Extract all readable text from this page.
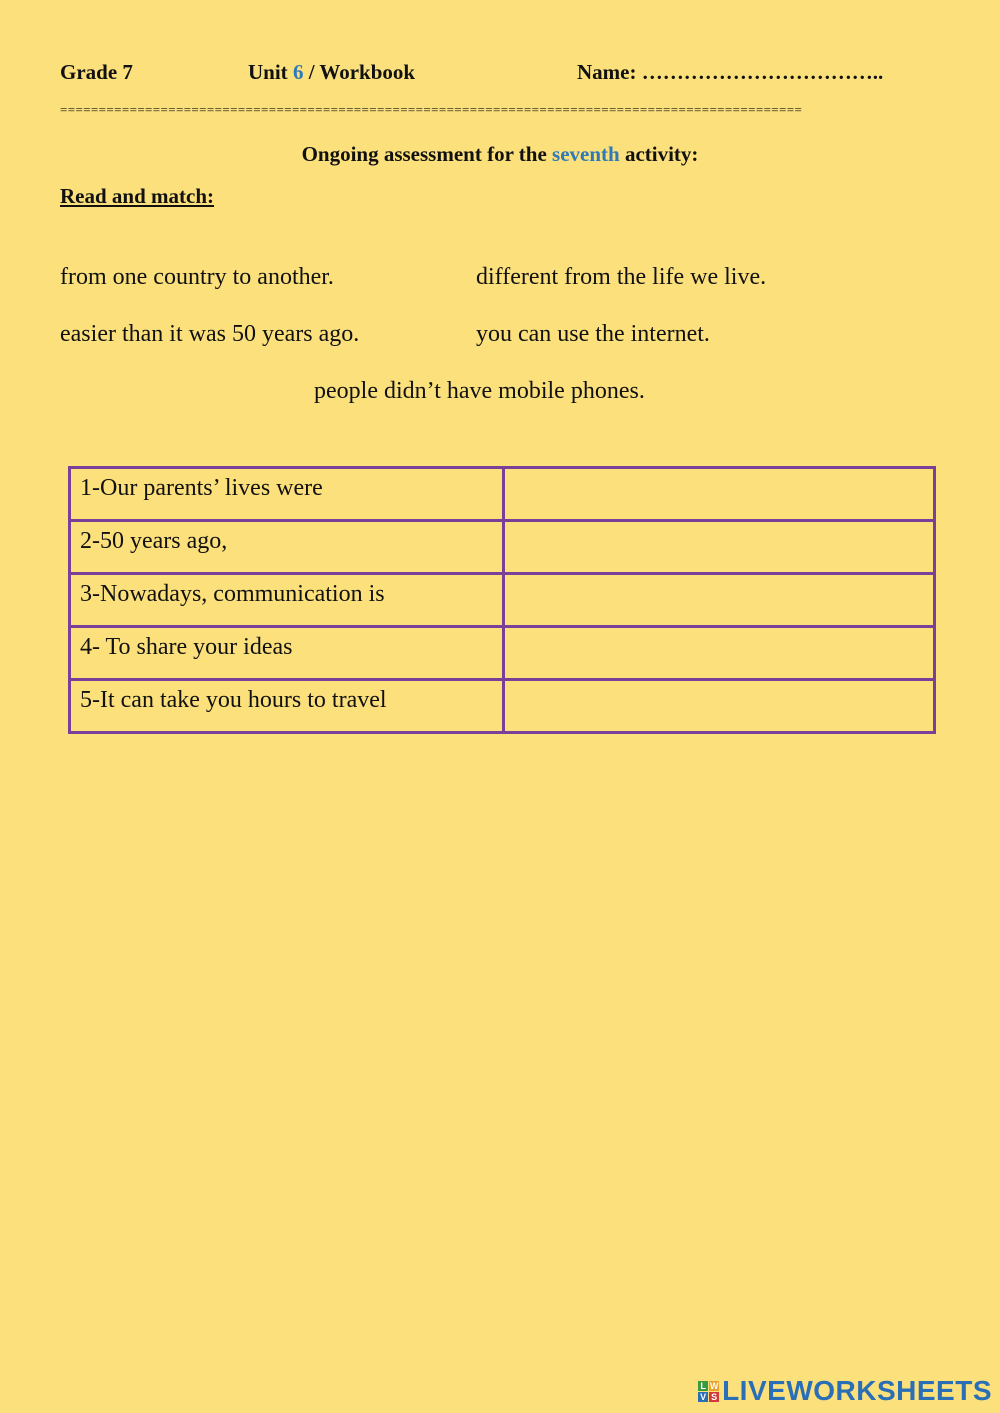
Grade 7	Unit 6 / Workbook	Name: ……………………………..
================================================================================================
Ongoing assessment for the seventh activity:
Read and match:
from one country to another.	different from the life we live.
easier than it was 50 years ago.	you can use the internet.
people didn’t have mobile phones.
1-Our parents’ lives were	
2-50 years ago,	
3-Nowadays, communication is	
4- To share your ideas	
5-It can take you hours to travel	
L W
V S LIVEWORKSHEETS
